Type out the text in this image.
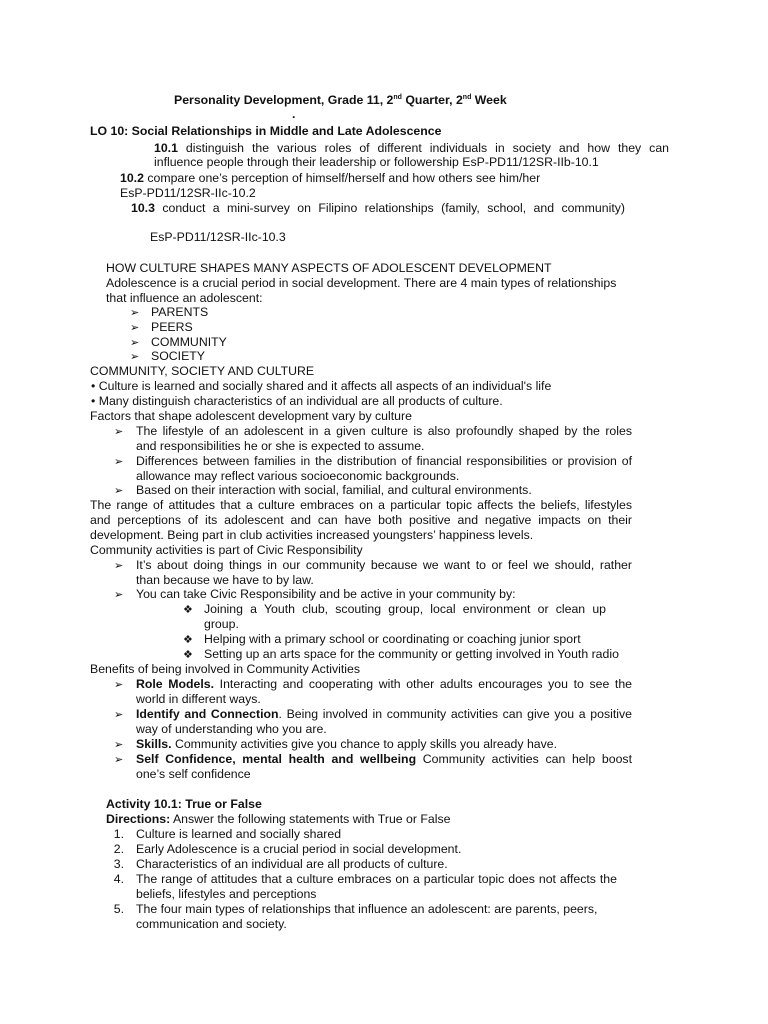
Personality Development, Grade 11, 2nd Quarter, 2nd Week
.
LO 10: Social Relationships in Middle and Late Adolescence
10.1 distinguish the various roles of different individuals in society and how they can
influence people through their leadership or followership EsP-PD11/12SR-IIb-10.1
10.2 compare one’s perception of himself/herself and how others see him/her
EsP-PD11/12SR-IIc-10.2
10.3 conduct a mini-survey on Filipino relationships (family, school, and community)
EsP-PD11/12SR-IIc-10.3
HOW CULTURE SHAPES MANY ASPECTS OF ADOLESCENT DEVELOPMENT
Adolescence is a crucial period in social development. There are 4 main types of relationships
that influence an adolescent:
➢ PARENTS
➢ PEERS
➢ COMMUNITY
➢ SOCIETY
COMMUNITY, SOCIETY AND CULTURE
• Culture is learned and socially shared and it affects all aspects of an individual's life
• Many distinguish characteristics of an individual are all products of culture.
Factors that shape adolescent development vary by culture
➢ The lifestyle of an adolescent in a given culture is also profoundly shaped by the roles
and responsibilities he or she is expected to assume.
➢ Differences between families in the distribution of financial responsibilities or provision of
allowance may reflect various socioeconomic backgrounds.
➢ Based on their interaction with social, familial, and cultural environments.
The range of attitudes that a culture embraces on a particular topic affects the beliefs, lifestyles
and perceptions of its adolescent and can have both positive and negative impacts on their
development. Being part in club activities increased youngsters’ happiness levels.
Community activities is part of Civic Responsibility
➢ It’s about doing things in our community because we want to or feel we should, rather
than because we have to by law.
➢ You can take Civic Responsibility and be active in your community by:
❖ Joining a Youth club, scouting group, local environment or clean up
group.
❖ Helping with a primary school or coordinating or coaching junior sport
❖ Setting up an arts space for the community or getting involved in Youth radio
Benefits of being involved in Community Activities
➢ Role Models. Interacting and cooperating with other adults encourages you to see the
world in different ways.
➢ Identify and Connection. Being involved in community activities can give you a positive
way of understanding who you are.
➢ Skills. Community activities give you chance to apply skills you already have.
➢ Self Confidence, mental health and wellbeing Community activities can help boost
one’s self confidence
Activity 10.1: True or False
Directions: Answer the following statements with True or False
1. Culture is learned and socially shared
2. Early Adolescence is a crucial period in social development.
3. Characteristics of an individual are all products of culture.
4. The range of attitudes that a culture embraces on a particular topic does not affects the
beliefs, lifestyles and perceptions
5. The four main types of relationships that influence an adolescent: are parents, peers,
communication and society.
